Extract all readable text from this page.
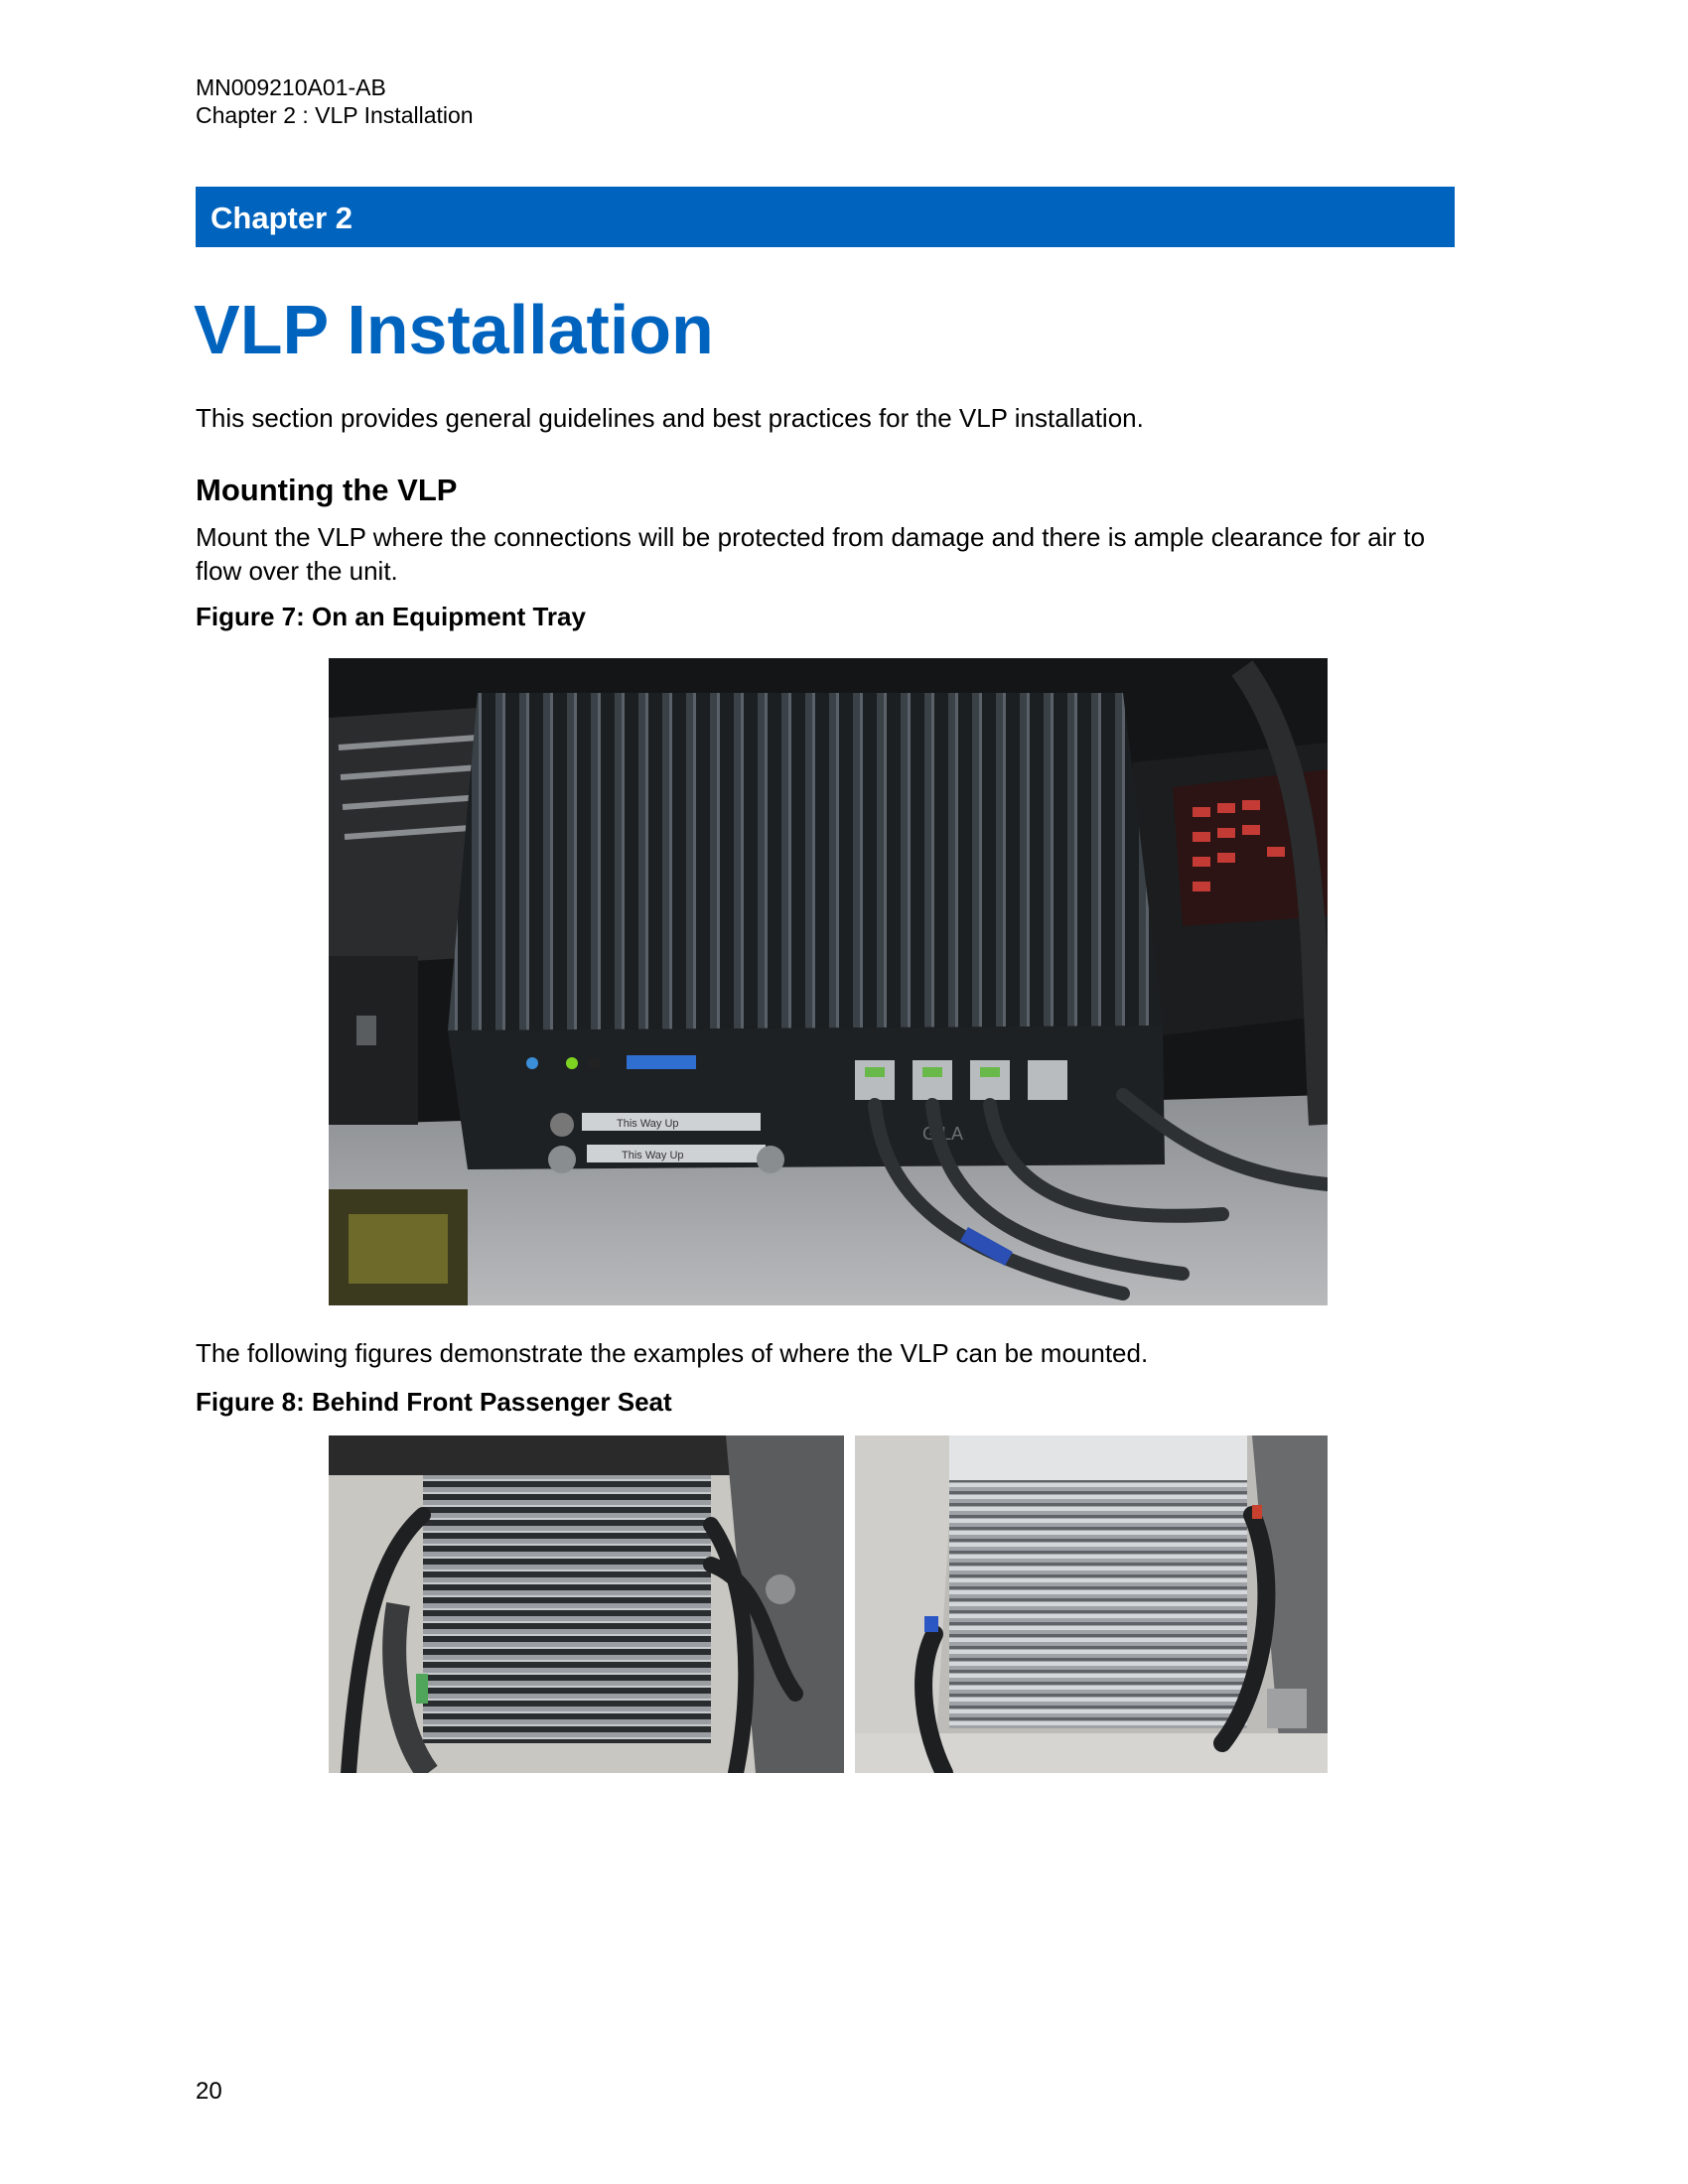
MN009210A01-AB
Chapter 2 : VLP Installation
Chapter 2
VLP Installation

This section provides general guidelines and best practices for the VLP installation.

Mounting the VLP

Mount the VLP where the connections will be protected from damage and there is ample clearance for air to flow over the unit.

Figure 7: On an Equipment Tray

This Way Up
This Way Up
GILA

The following figures demonstrate the examples of where the VLP can be mounted.

Figure 8: Behind Front Passenger Seat

20
